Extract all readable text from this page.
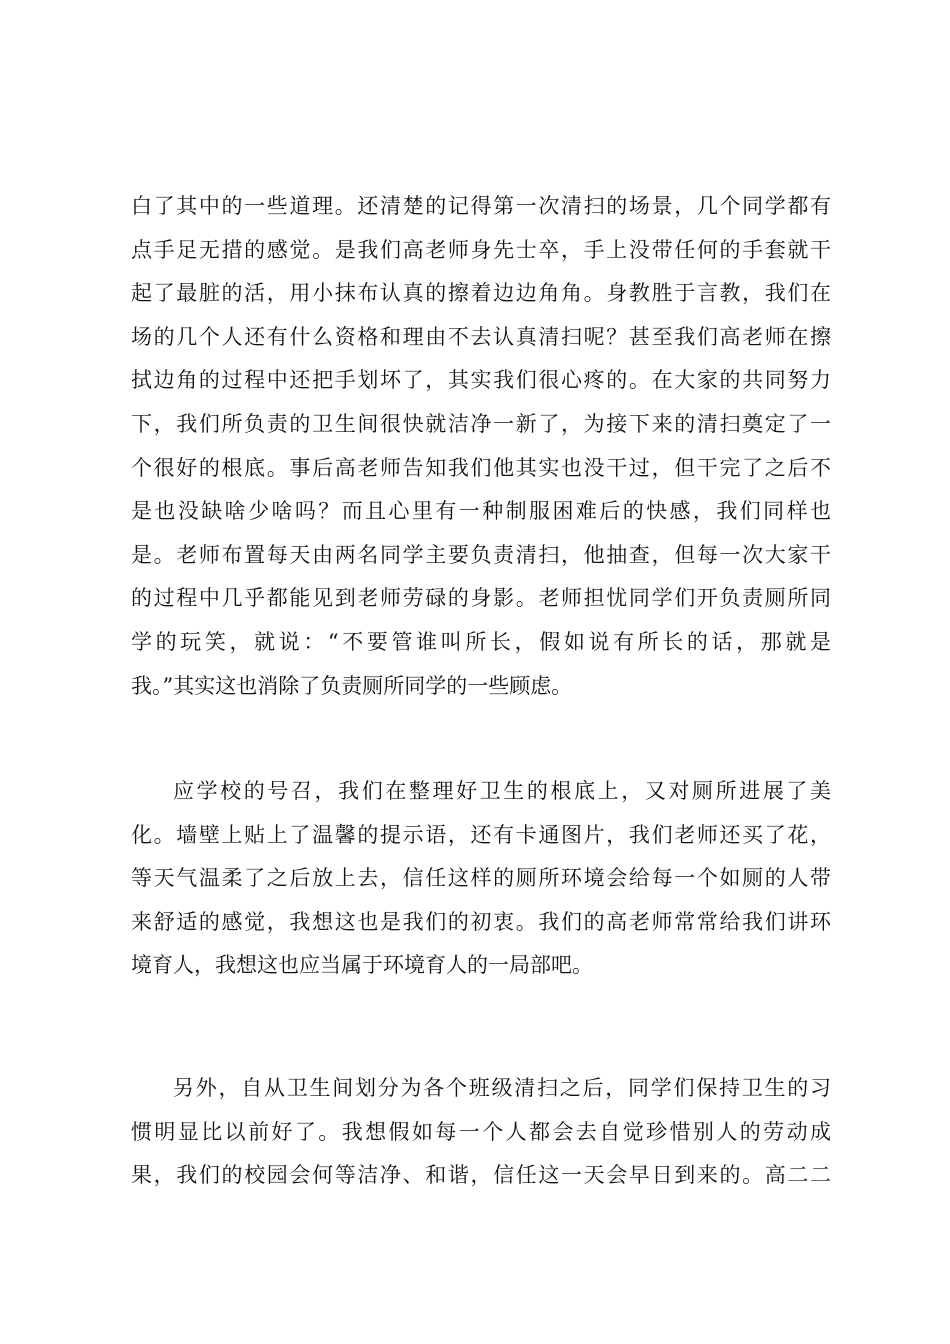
白了其中的一些道理。还清楚的记得第一次清扫的场景，几个同学都有
点手足无措的感觉。是我们高老师身先士卒，手上没带任何的手套就干
起了最脏的活，用小抹布认真的擦着边边角角。身教胜于言教，我们在
场的几个人还有什么资格和理由不去认真清扫呢？甚至我们高老师在擦
拭边角的过程中还把手划坏了，其实我们很心疼的。在大家的共同努力
下，我们所负责的卫生间很快就洁净一新了，为接下来的清扫奠定了一
个很好的根底。事后高老师告知我们他其实也没干过，但干完了之后不
是也没缺啥少啥吗？而且心里有一种制服困难后的快感，我们同样也
是。老师布置每天由两名同学主要负责清扫，他抽查，但每一次大家干
的过程中几乎都能见到老师劳碌的身影。老师担忧同学们开负责厕所同
学的玩笑，就说：“不要管谁叫所长，假如说有所长的话，那就是
我。”其实这也消除了负责厕所同学的一些顾虑。
应学校的号召，我们在整理好卫生的根底上，又对厕所进展了美
化。墙壁上贴上了温馨的提示语，还有卡通图片，我们老师还买了花，
等天气温柔了之后放上去，信任这样的厕所环境会给每一个如厕的人带
来舒适的感觉，我想这也是我们的初衷。我们的高老师常常给我们讲环
境育人，我想这也应当属于环境育人的一局部吧。
另外，自从卫生间划分为各个班级清扫之后，同学们保持卫生的习
惯明显比以前好了。我想假如每一个人都会去自觉珍惜别人的劳动成
果，我们的校园会何等洁净、和谐，信任这一天会早日到来的。高二二
